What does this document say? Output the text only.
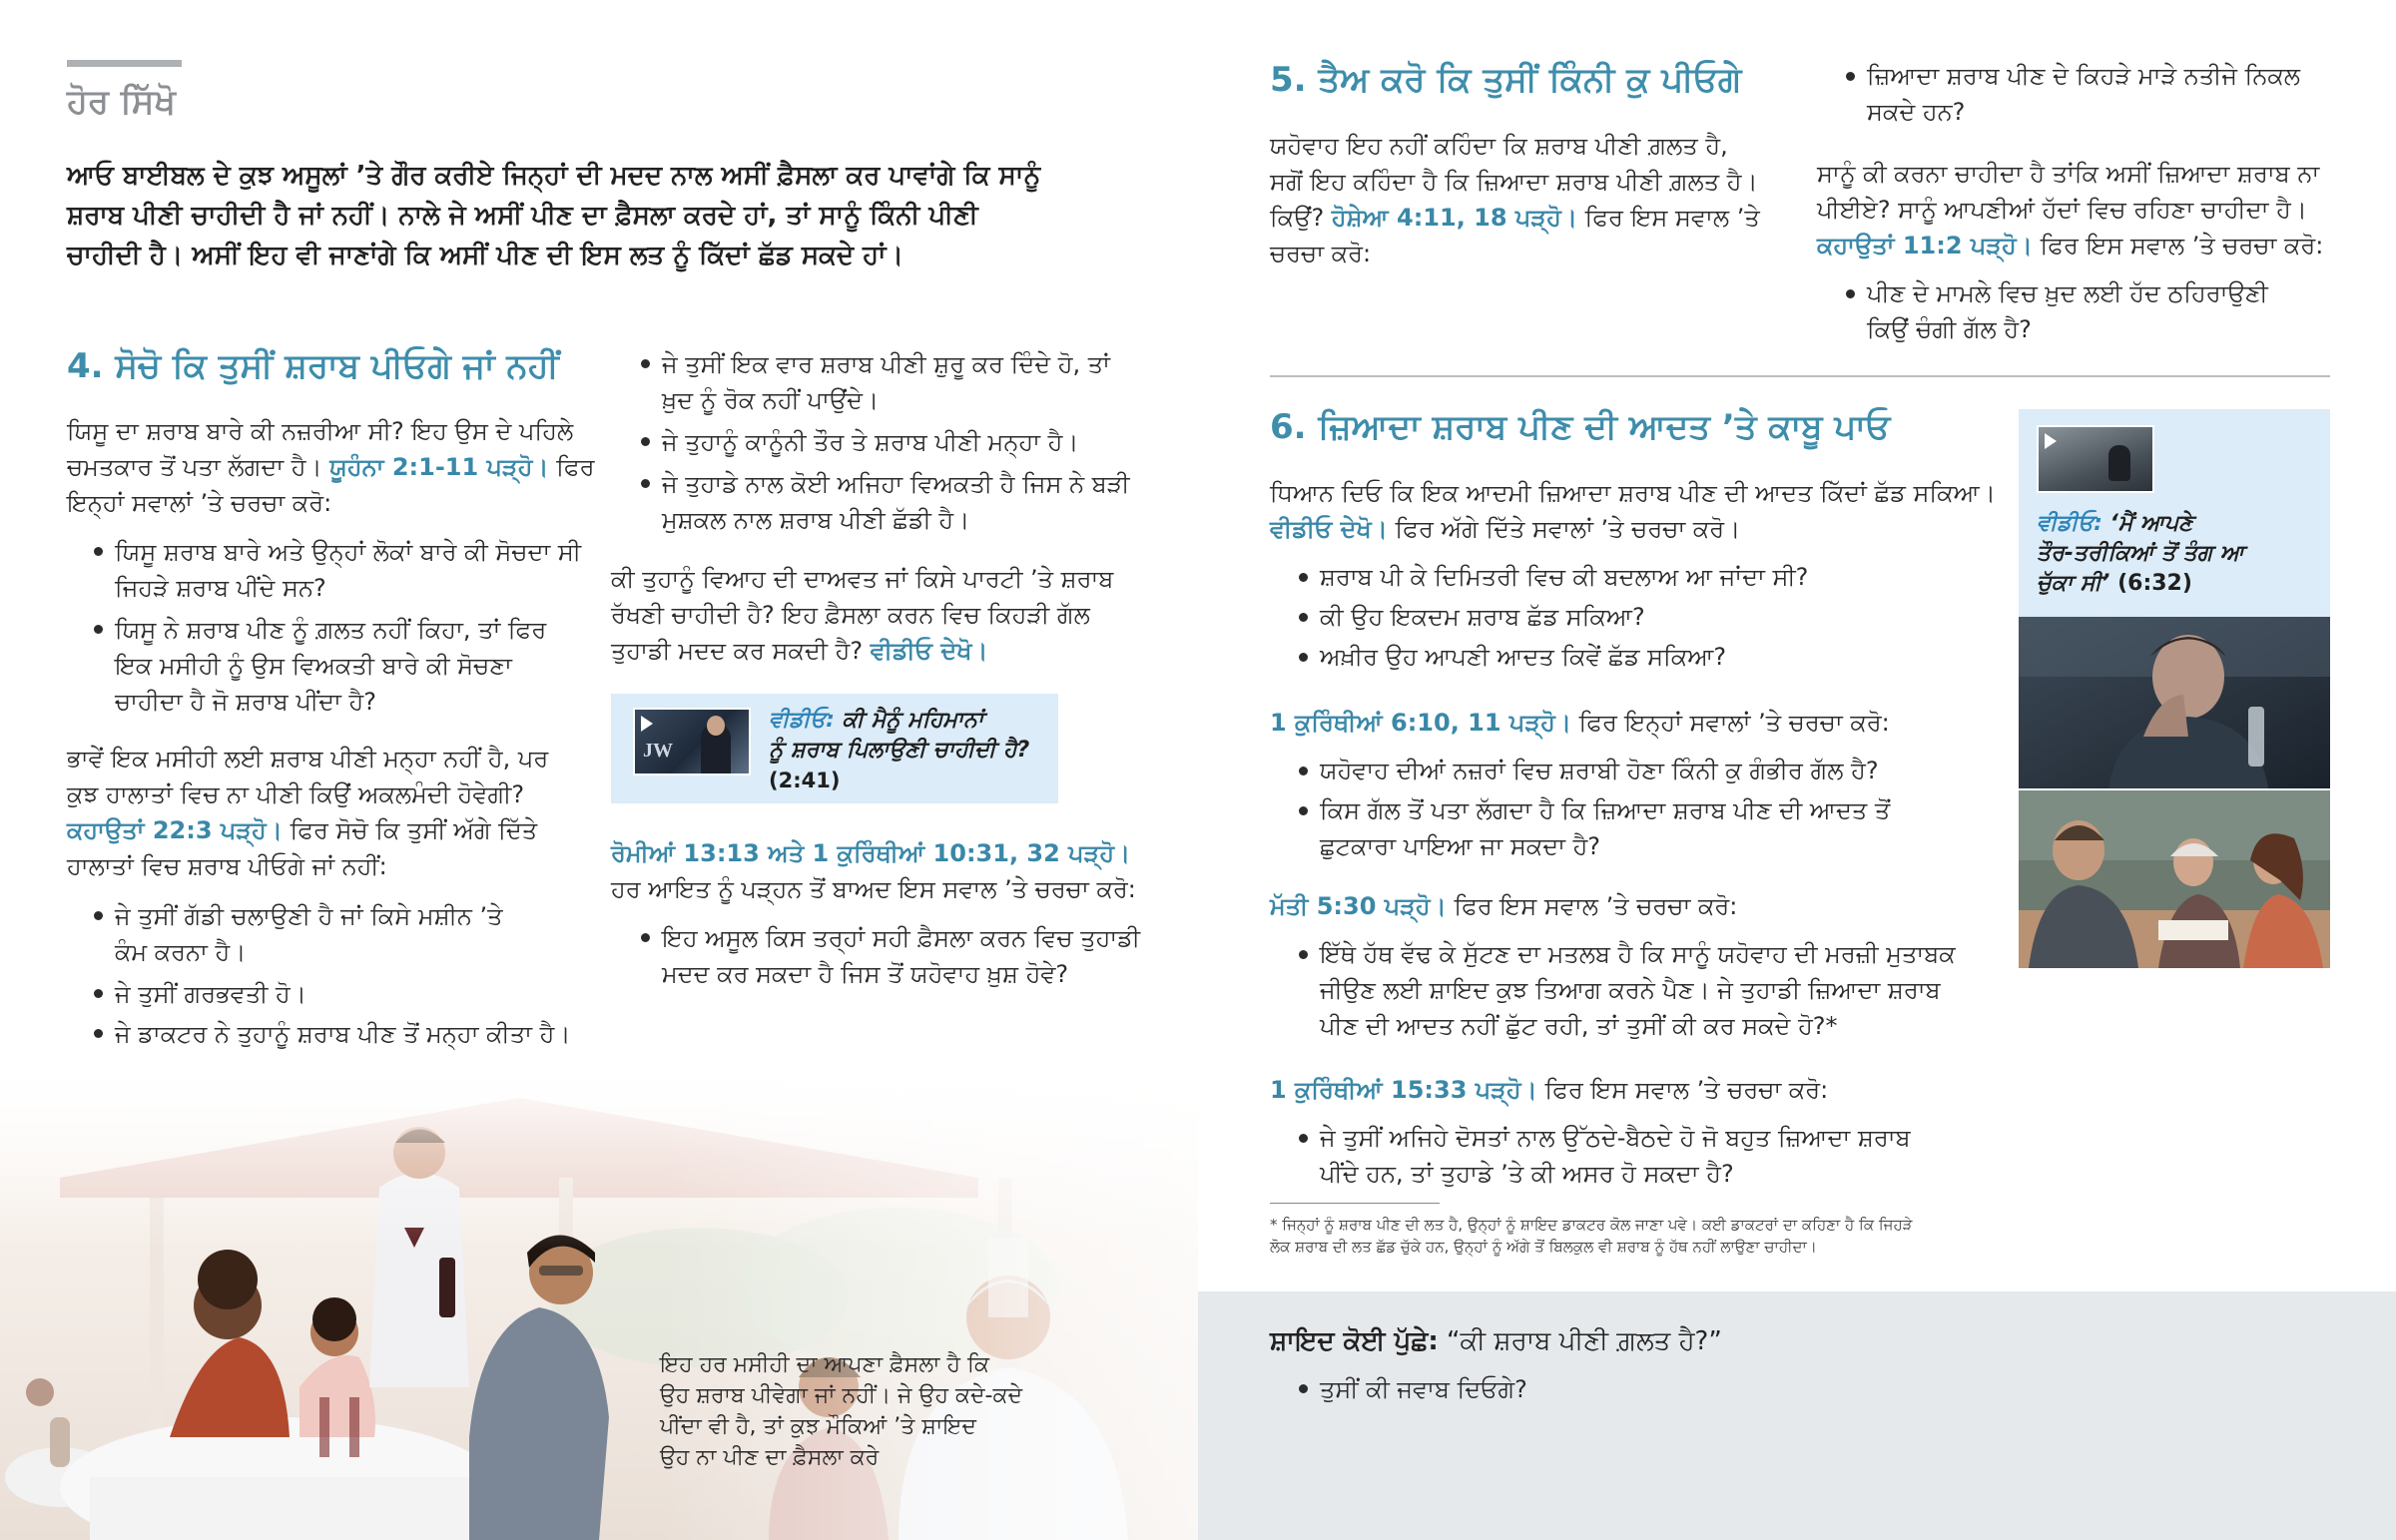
ਹੋਰ ਸਿੱਖੋ
ਆਓ ਬਾਈਬਲ ਦੇ ਕੁਝ ਅਸੂਲਾਂ ’ਤੇ ਗੌਰ ਕਰੀਏ ਜਿਨ੍ਹਾਂ ਦੀ ਮਦਦ ਨਾਲ ਅਸੀਂ ਫ਼ੈਸਲਾ ਕਰ ਪਾਵਾਂਗੇ ਕਿ ਸਾਨੂੰ
ਸ਼ਰਾਬ ਪੀਣੀ ਚਾਹੀਦੀ ਹੈ ਜਾਂ ਨਹੀਂ। ਨਾਲੇ ਜੇ ਅਸੀਂ ਪੀਣ ਦਾ ਫ਼ੈਸਲਾ ਕਰਦੇ ਹਾਂ, ਤਾਂ ਸਾਨੂੰ ਕਿੰਨੀ ਪੀਣੀ
ਚਾਹੀਦੀ ਹੈ। ਅਸੀਂ ਇਹ ਵੀ ਜਾਣਾਂਗੇ ਕਿ ਅਸੀਂ ਪੀਣ ਦੀ ਇਸ ਲਤ ਨੂੰ ਕਿੱਦਾਂ ਛੱਡ ਸਕਦੇ ਹਾਂ।
4. ਸੋਚੋ ਕਿ ਤੁਸੀਂ ਸ਼ਰਾਬ ਪੀਓਗੇ ਜਾਂ ਨਹੀਂ
ਯਿਸੂ ਦਾ ਸ਼ਰਾਬ ਬਾਰੇ ਕੀ ਨਜ਼ਰੀਆ ਸੀ? ਇਹ ਉਸ ਦੇ ਪਹਿਲੇ
ਚਮਤਕਾਰ ਤੋਂ ਪਤਾ ਲੱਗਦਾ ਹੈ। ਯੂਹੰਨਾ 2:1-11 ਪੜ੍ਹੋ। ਫਿਰ
ਇਨ੍ਹਾਂ ਸਵਾਲਾਂ ’ਤੇ ਚਰਚਾ ਕਰੋ:
ਯਿਸੂ ਸ਼ਰਾਬ ਬਾਰੇ ਅਤੇ ਉਨ੍ਹਾਂ ਲੋਕਾਂ ਬਾਰੇ ਕੀ ਸੋਚਦਾ ਸੀ
ਜਿਹੜੇ ਸ਼ਰਾਬ ਪੀਂਦੇ ਸਨ?
ਯਿਸੂ ਨੇ ਸ਼ਰਾਬ ਪੀਣ ਨੂੰ ਗ਼ਲਤ ਨਹੀਂ ਕਿਹਾ, ਤਾਂ ਫਿਰ
ਇਕ ਮਸੀਹੀ ਨੂੰ ਉਸ ਵਿਅਕਤੀ ਬਾਰੇ ਕੀ ਸੋਚਣਾ
ਚਾਹੀਦਾ ਹੈ ਜੋ ਸ਼ਰਾਬ ਪੀਂਦਾ ਹੈ?
ਭਾਵੇਂ ਇਕ ਮਸੀਹੀ ਲਈ ਸ਼ਰਾਬ ਪੀਣੀ ਮਨ੍ਹਾ ਨਹੀਂ ਹੈ, ਪਰ
ਕੁਝ ਹਾਲਾਤਾਂ ਵਿਚ ਨਾ ਪੀਣੀ ਕਿਉਂ ਅਕਲਮੰਦੀ ਹੋਵੇਗੀ?
ਕਹਾਉਤਾਂ 22:3 ਪੜ੍ਹੋ। ਫਿਰ ਸੋਚੋ ਕਿ ਤੁਸੀਂ ਅੱਗੇ ਦਿੱਤੇ
ਹਾਲਾਤਾਂ ਵਿਚ ਸ਼ਰਾਬ ਪੀਓਗੇ ਜਾਂ ਨਹੀਂ:
ਜੇ ਤੁਸੀਂ ਗੱਡੀ ਚਲਾਉਣੀ ਹੈ ਜਾਂ ਕਿਸੇ ਮਸ਼ੀਨ ’ਤੇ
ਕੰਮ ਕਰਨਾ ਹੈ।
ਜੇ ਤੁਸੀਂ ਗਰਭਵਤੀ ਹੋ।
ਜੇ ਡਾਕਟਰ ਨੇ ਤੁਹਾਨੂੰ ਸ਼ਰਾਬ ਪੀਣ ਤੋਂ ਮਨ੍ਹਾ ਕੀਤਾ ਹੈ।
ਜੇ ਤੁਸੀਂ ਇਕ ਵਾਰ ਸ਼ਰਾਬ ਪੀਣੀ ਸ਼ੁਰੂ ਕਰ ਦਿੰਦੇ ਹੋ, ਤਾਂ
ਖ਼ੁਦ ਨੂੰ ਰੋਕ ਨਹੀਂ ਪਾਉਂਦੇ।
ਜੇ ਤੁਹਾਨੂੰ ਕਾਨੂੰਨੀ ਤੌਰ ਤੇ ਸ਼ਰਾਬ ਪੀਣੀ ਮਨ੍ਹਾ ਹੈ।
ਜੇ ਤੁਹਾਡੇ ਨਾਲ ਕੋਈ ਅਜਿਹਾ ਵਿਅਕਤੀ ਹੈ ਜਿਸ ਨੇ ਬੜੀ
ਮੁਸ਼ਕਲ ਨਾਲ ਸ਼ਰਾਬ ਪੀਣੀ ਛੱਡੀ ਹੈ।
ਕੀ ਤੁਹਾਨੂੰ ਵਿਆਹ ਦੀ ਦਾਅਵਤ ਜਾਂ ਕਿਸੇ ਪਾਰਟੀ ’ਤੇ ਸ਼ਰਾਬ
ਰੱਖਣੀ ਚਾਹੀਦੀ ਹੈ? ਇਹ ਫ਼ੈਸਲਾ ਕਰਨ ਵਿਚ ਕਿਹੜੀ ਗੱਲ
ਤੁਹਾਡੀ ਮਦਦ ਕਰ ਸਕਦੀ ਹੈ? ਵੀਡੀਓ ਦੇਖੋ।
JW
ਵੀਡੀਓ: ਕੀ ਮੈਨੂੰ ਮਹਿਮਾਨਾਂ
ਨੂੰ ਸ਼ਰਾਬ ਪਿਲਾਉਣੀ ਚਾਹੀਦੀ ਹੈ?
(2:41)
ਰੋਮੀਆਂ 13:13 ਅਤੇ 1 ਕੁਰਿੰਥੀਆਂ 10:31, 32 ਪੜ੍ਹੋ।
ਹਰ ਆਇਤ ਨੂੰ ਪੜ੍ਹਨ ਤੋਂ ਬਾਅਦ ਇਸ ਸਵਾਲ ’ਤੇ ਚਰਚਾ ਕਰੋ:
ਇਹ ਅਸੂਲ ਕਿਸ ਤਰ੍ਹਾਂ ਸਹੀ ਫ਼ੈਸਲਾ ਕਰਨ ਵਿਚ ਤੁਹਾਡੀ
ਮਦਦ ਕਰ ਸਕਦਾ ਹੈ ਜਿਸ ਤੋਂ ਯਹੋਵਾਹ ਖ਼ੁਸ਼ ਹੋਵੇ?
ਇਹ ਹਰ ਮਸੀਹੀ ਦਾ ਆਪਣਾ ਫ਼ੈਸਲਾ ਹੈ ਕਿ
ਉਹ ਸ਼ਰਾਬ ਪੀਵੇਗਾ ਜਾਂ ਨਹੀਂ। ਜੇ ਉਹ ਕਦੇ-ਕਦੇ
ਪੀਂਦਾ ਵੀ ਹੈ, ਤਾਂ ਕੁਝ ਮੌਕਿਆਂ ’ਤੇ ਸ਼ਾਇਦ
ਉਹ ਨਾ ਪੀਣ ਦਾ ਫ਼ੈਸਲਾ ਕਰੇ
5. ਤੈਅ ਕਰੋ ਕਿ ਤੁਸੀਂ ਕਿੰਨੀ ਕੁ ਪੀਓਗੇ
ਯਹੋਵਾਹ ਇਹ ਨਹੀਂ ਕਹਿੰਦਾ ਕਿ ਸ਼ਰਾਬ ਪੀਣੀ ਗ਼ਲਤ ਹੈ,
ਸਗੋਂ ਇਹ ਕਹਿੰਦਾ ਹੈ ਕਿ ਜ਼ਿਆਦਾ ਸ਼ਰਾਬ ਪੀਣੀ ਗ਼ਲਤ ਹੈ।
ਕਿਉਂ? ਹੋਸ਼ੇਆ 4:11, 18 ਪੜ੍ਹੋ। ਫਿਰ ਇਸ ਸਵਾਲ ’ਤੇ
ਚਰਚਾ ਕਰੋ:
ਜ਼ਿਆਦਾ ਸ਼ਰਾਬ ਪੀਣ ਦੇ ਕਿਹੜੇ ਮਾੜੇ ਨਤੀਜੇ ਨਿਕਲ
ਸਕਦੇ ਹਨ?
ਸਾਨੂੰ ਕੀ ਕਰਨਾ ਚਾਹੀਦਾ ਹੈ ਤਾਂਕਿ ਅਸੀਂ ਜ਼ਿਆਦਾ ਸ਼ਰਾਬ ਨਾ
ਪੀਈਏ? ਸਾਨੂੰ ਆਪਣੀਆਂ ਹੱਦਾਂ ਵਿਚ ਰਹਿਣਾ ਚਾਹੀਦਾ ਹੈ।
ਕਹਾਉਤਾਂ 11:2 ਪੜ੍ਹੋ। ਫਿਰ ਇਸ ਸਵਾਲ ’ਤੇ ਚਰਚਾ ਕਰੋ:
ਪੀਣ ਦੇ ਮਾਮਲੇ ਵਿਚ ਖ਼ੁਦ ਲਈ ਹੱਦ ਠਹਿਰਾਉਣੀ
ਕਿਉਂ ਚੰਗੀ ਗੱਲ ਹੈ?
6. ਜ਼ਿਆਦਾ ਸ਼ਰਾਬ ਪੀਣ ਦੀ ਆਦਤ ’ਤੇ ਕਾਬੂ ਪਾਓ
ਧਿਆਨ ਦਿਓ ਕਿ ਇਕ ਆਦਮੀ ਜ਼ਿਆਦਾ ਸ਼ਰਾਬ ਪੀਣ ਦੀ ਆਦਤ ਕਿੱਦਾਂ ਛੱਡ ਸਕਿਆ।
ਵੀਡੀਓ ਦੇਖੋ। ਫਿਰ ਅੱਗੇ ਦਿੱਤੇ ਸਵਾਲਾਂ ’ਤੇ ਚਰਚਾ ਕਰੋ।
ਸ਼ਰਾਬ ਪੀ ਕੇ ਦਿਮਿਤਰੀ ਵਿਚ ਕੀ ਬਦਲਾਅ ਆ ਜਾਂਦਾ ਸੀ?
ਕੀ ਉਹ ਇਕਦਮ ਸ਼ਰਾਬ ਛੱਡ ਸਕਿਆ?
ਅਖ਼ੀਰ ਉਹ ਆਪਣੀ ਆਦਤ ਕਿਵੇਂ ਛੱਡ ਸਕਿਆ?
1 ਕੁਰਿੰਥੀਆਂ 6:10, 11 ਪੜ੍ਹੋ। ਫਿਰ ਇਨ੍ਹਾਂ ਸਵਾਲਾਂ ’ਤੇ ਚਰਚਾ ਕਰੋ:
ਯਹੋਵਾਹ ਦੀਆਂ ਨਜ਼ਰਾਂ ਵਿਚ ਸ਼ਰਾਬੀ ਹੋਣਾ ਕਿੰਨੀ ਕੁ ਗੰਭੀਰ ਗੱਲ ਹੈ?
ਕਿਸ ਗੱਲ ਤੋਂ ਪਤਾ ਲੱਗਦਾ ਹੈ ਕਿ ਜ਼ਿਆਦਾ ਸ਼ਰਾਬ ਪੀਣ ਦੀ ਆਦਤ ਤੋਂ
ਛੁਟਕਾਰਾ ਪਾਇਆ ਜਾ ਸਕਦਾ ਹੈ?
ਮੱਤੀ 5:30 ਪੜ੍ਹੋ। ਫਿਰ ਇਸ ਸਵਾਲ ’ਤੇ ਚਰਚਾ ਕਰੋ:
ਇੱਥੇ ਹੱਥ ਵੱਢ ਕੇ ਸੁੱਟਣ ਦਾ ਮਤਲਬ ਹੈ ਕਿ ਸਾਨੂੰ ਯਹੋਵਾਹ ਦੀ ਮਰਜ਼ੀ ਮੁਤਾਬਕ
ਜੀਉਣ ਲਈ ਸ਼ਾਇਦ ਕੁਝ ਤਿਆਗ ਕਰਨੇ ਪੈਣ। ਜੇ ਤੁਹਾਡੀ ਜ਼ਿਆਦਾ ਸ਼ਰਾਬ
ਪੀਣ ਦੀ ਆਦਤ ਨਹੀਂ ਛੁੱਟ ਰਹੀ, ਤਾਂ ਤੁਸੀਂ ਕੀ ਕਰ ਸਕਦੇ ਹੋ?*
1 ਕੁਰਿੰਥੀਆਂ 15:33 ਪੜ੍ਹੋ। ਫਿਰ ਇਸ ਸਵਾਲ ’ਤੇ ਚਰਚਾ ਕਰੋ:
ਜੇ ਤੁਸੀਂ ਅਜਿਹੇ ਦੋਸਤਾਂ ਨਾਲ ਉੱਠਦੇ-ਬੈਠਦੇ ਹੋ ਜੋ ਬਹੁਤ ਜ਼ਿਆਦਾ ਸ਼ਰਾਬ
ਪੀਂਦੇ ਹਨ, ਤਾਂ ਤੁਹਾਡੇ ’ਤੇ ਕੀ ਅਸਰ ਹੋ ਸਕਦਾ ਹੈ?
* ਜਿਨ੍ਹਾਂ ਨੂੰ ਸ਼ਰਾਬ ਪੀਣ ਦੀ ਲਤ ਹੈ, ਉਨ੍ਹਾਂ ਨੂੰ ਸ਼ਾਇਦ ਡਾਕਟਰ ਕੋਲ ਜਾਣਾ ਪਵੇ। ਕਈ ਡਾਕਟਰਾਂ ਦਾ ਕਹਿਣਾ ਹੈ ਕਿ ਜਿਹੜੇ
ਲੋਕ ਸ਼ਰਾਬ ਦੀ ਲਤ ਛੱਡ ਚੁੱਕੇ ਹਨ, ਉਨ੍ਹਾਂ ਨੂੰ ਅੱਗੇ ਤੋਂ ਬਿਲਕੁਲ ਵੀ ਸ਼ਰਾਬ ਨੂੰ ਹੱਥ ਨਹੀਂ ਲਾਉਣਾ ਚਾਹੀਦਾ।
ਵੀਡੀਓ: ‘ਮੈਂ ਆਪਣੇ
ਤੌਰ-ਤਰੀਕਿਆਂ ਤੋਂ ਤੰਗ ਆ
ਚੁੱਕਾ ਸੀ’ (6:32)
ਸ਼ਾਇਦ ਕੋਈ ਪੁੱਛੇ: “ਕੀ ਸ਼ਰਾਬ ਪੀਣੀ ਗ਼ਲਤ ਹੈ?”
ਤੁਸੀਂ ਕੀ ਜਵਾਬ ਦਿਓਗੇ?
